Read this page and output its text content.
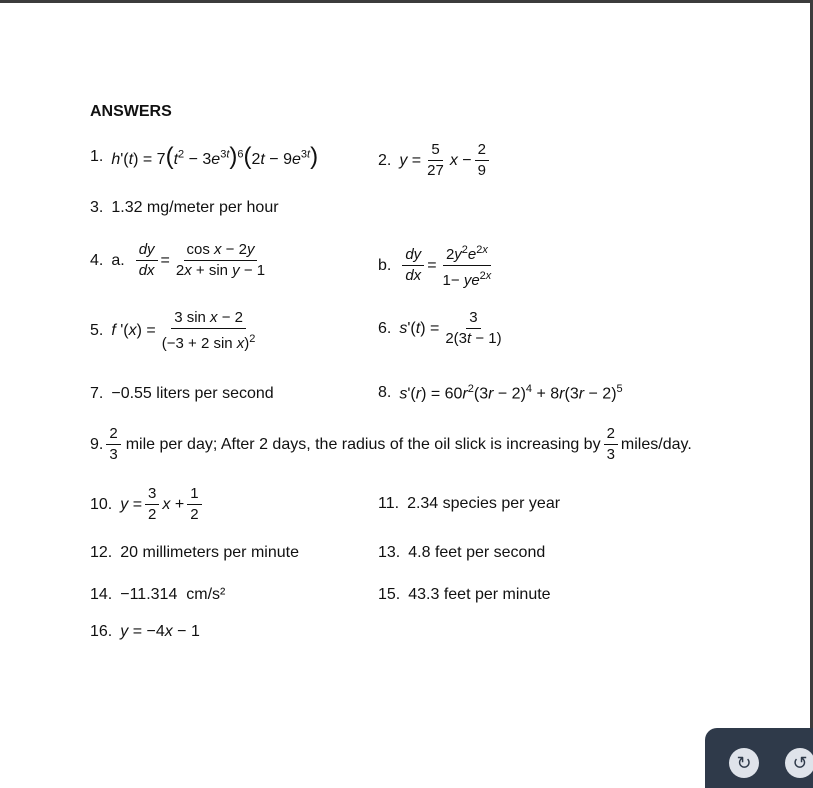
ANSWERS
1. $h'(t) = 7(t^2 - 3e^{3t})^6(2t - 9e^{3t})$	2. $y = \frac{5}{27}$ $x - \frac{2}{9}$
3. 1.32 mg/meter per hour
4. a. $\frac{dy}{dx} = \frac{\text{cos x − 2y}}{\text{2x + sin y − 1}}$	b. $\frac{dy}{dx} = \frac{2y^2e^{2x}}{1- ye^{2x}}$
5. f '( x ) = $\frac{\text{3 sin x − 2}}{(-3 + 2 \sin x)^2}$	6. s '( t ) = $\frac{3}{2(3t - 1)}$
7. −0.55 liters per second	8. $s'(r) = 60r^2(3r - 2)^4 + 8r(3r - 2)^5$
9. $\frac{2}{3}$ mile per day; After 2 days, the radius of the oil slick is increasing by $\frac{2}{3}$ miles/day.
10. $y = \frac{3}{2}$ $x + \frac{1}{2}$	11. 2.34 species per year
12. 20 millimeters per minute	13. 4.8 feet per second
14. −11.314  cm/s²	15. 43.3 feet per minute
16. y = −4x − 1
↻	↺
